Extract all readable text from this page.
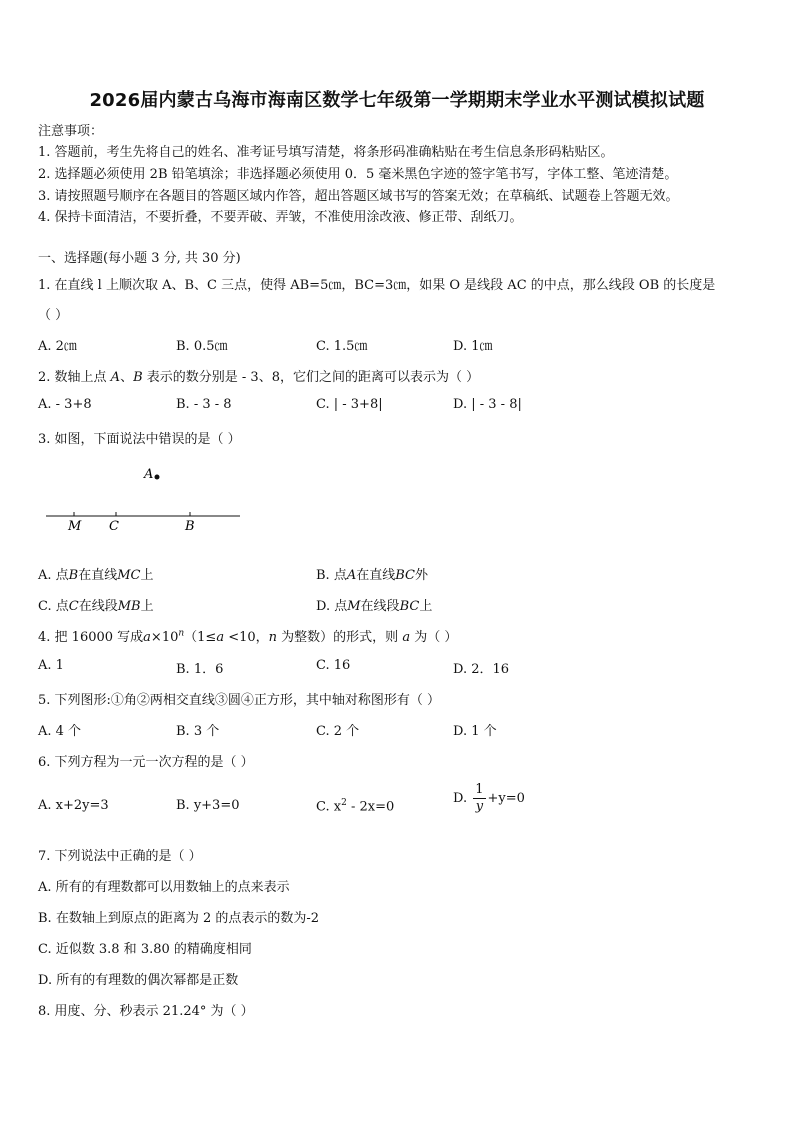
2026届内蒙古乌海市海南区数学七年级第一学期期末学业水平测试模拟试题
注意事项：
1. 答题前，考生先将自己的姓名、准考证号填写清楚，将条形码准确粘贴在考生信息条形码粘贴区。
2. 选择题必须使用 2B 铅笔填涂；非选择题必须使用 0．5 毫米黑色字迹的签字笔书写，字体工整、笔迹清楚。
3. 请按照题号顺序在各题目的答题区域内作答，超出答题区域书写的答案无效；在草稿纸、试题卷上答题无效。
4. 保持卡面清洁，不要折叠，不要弄破、弄皱，不准使用涂改液、修正带、刮纸刀。
一、选择题(每小题 3 分, 共 30 分)
1. 在直线 l 上顺次取 A、B、C 三点，使得 AB=5㎝，BC=3㎝，如果 O 是线段 AC 的中点，那么线段 OB 的长度是
（ ）
A. 2㎝	B. 0.5㎝	C. 1.5㎝	D. 1㎝
2. 数轴上点 A、B 表示的数分别是 - 3、8，它们之间的距离可以表示为（ ）
A. - 3+8	B. - 3 - 8	C. | - 3+8|	D. | - 3 - 8|
3. 如图，下面说法中错误的是（ ）
A
M C	B
A. 点B在直线MC上	B. 点A在直线BC外
C. 点C在线段MB上	D. 点M在线段BC上
4. 把 16000 写成$a\times 10^n(1\le a <10$，n 为整数）的形式，则 a 为（ ）
A. 1	B. 1．6	C. 16	D. 2．16
5. 下列图形:①角②两相交直线③圆④正方形，其中轴对称图形有（ ）
A. 4 个	B. 3 个	C. 2 个	D. 1 个
6. 下列方程为一元一次方程的是（ ）
A. x+2y=3	B. y+3=0	C. $x^2 - 2x=0$
D. $\frac{1}{y} +y=0$
7. 下列说法中正确的是（ ）
A. 所有的有理数都可以用数轴上的点来表示
B. 在数轴上到原点的距离为 2 的点表示的数为-2
C. 近似数 3.8 和 3.80 的精确度相同
D. 所有的有理数的偶次幂都是正数
8. 用度、分、秒表示 21.24° 为（ ）
